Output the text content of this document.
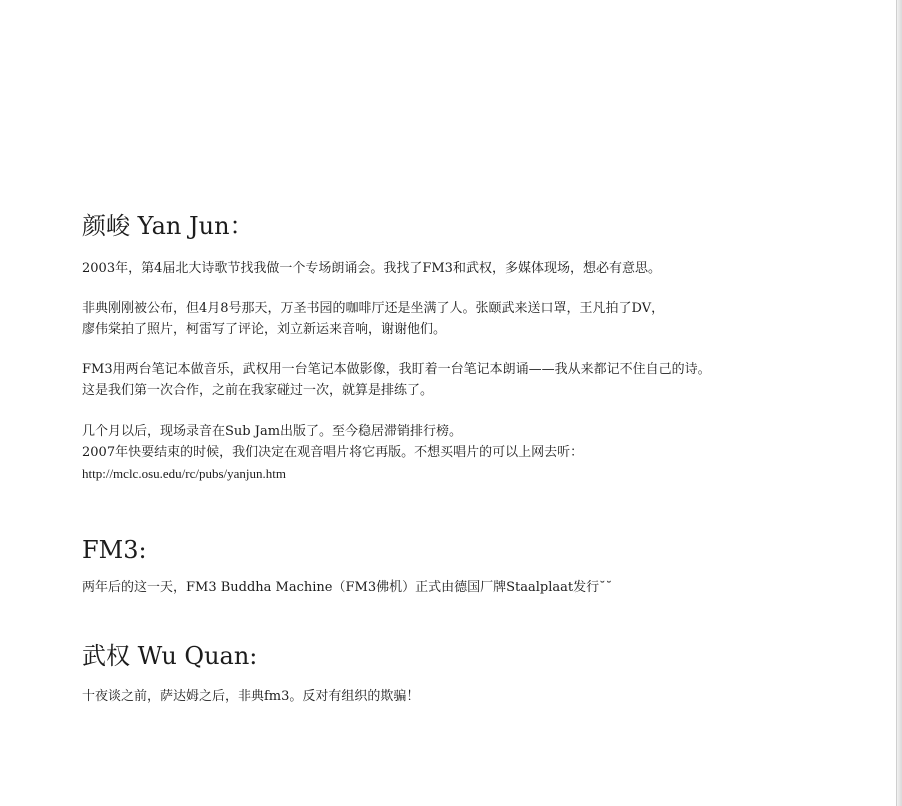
颜峻 Yan Jun：

2003年，第4届北大诗歌节找我做一个专场朗诵会。我找了FM3和武权，多媒体现场，想必有意思。

非典刚刚被公布，但4月8号那天，万圣书园的咖啡厅还是坐满了人。张颐武来送口罩，王凡拍了DV，
廖伟棠拍了照片，柯雷写了评论，刘立新运来音响，谢谢他们。

FM3用两台笔记本做音乐，武权用一台笔记本做影像，我盯着一台笔记本朗诵——我从来都记不住自己的诗。
这是我们第一次合作，之前在我家碰过一次，就算是排练了。

几个月以后，现场录音在Sub Jam出版了。至今稳居滞销排行榜。
2007年快要结束的时候，我们决定在观音唱片将它再版。不想买唱片的可以上网去听：
http://mclc.osu.edu/rc/pubs/yanjun.htm

FM3:

两年后的这一天，FM3 Buddha Machine（FM3佛机）正式由德国厂牌Staalplaat发行˘˘

武权 Wu Quan:

十夜谈之前，萨达姆之后，非典fm3。反对有组织的欺骗！
